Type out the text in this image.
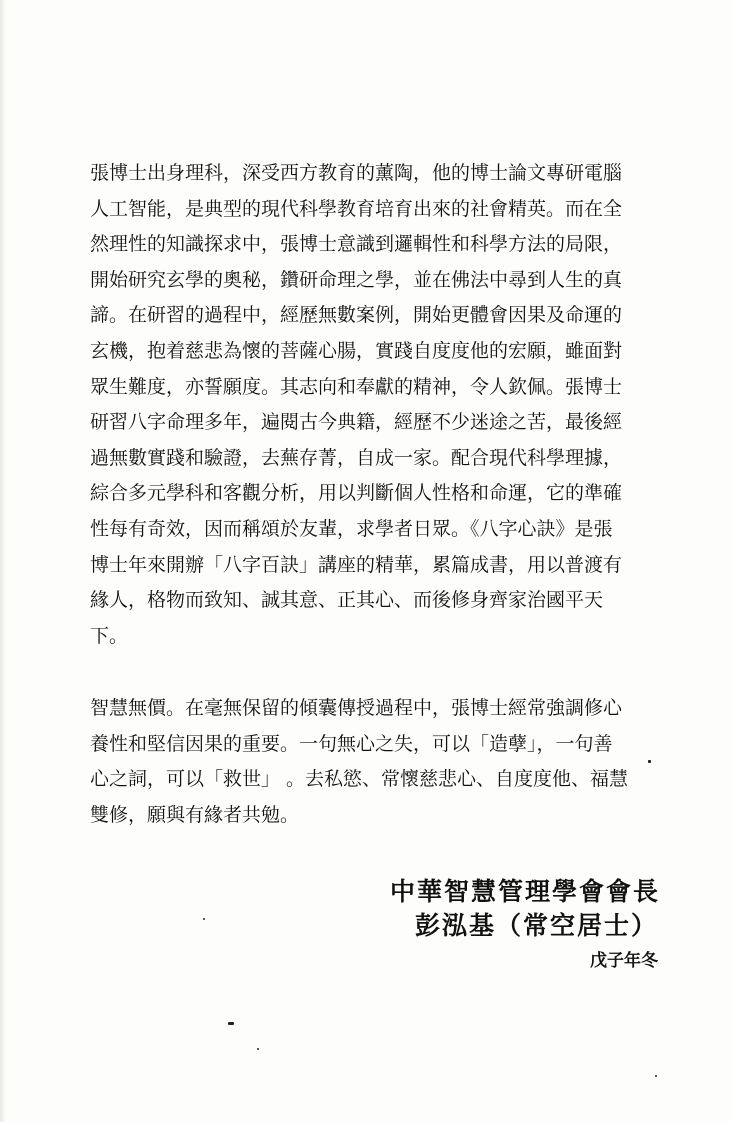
張博士出身理科，深受西方教育的薰陶，他的博士論文專研電腦
人工智能，是典型的現代科學教育培育出來的社會精英。而在全
然理性的知識探求中，張博士意識到邏輯性和科學方法的局限，
開始研究玄學的奧秘，鑽研命理之學，並在佛法中尋到人生的真
諦。在研習的過程中，經歷無數案例，開始更體會因果及命運的
玄機，抱着慈悲為懷的菩薩心腸，實踐自度度他的宏願，雖面對
眾生難度，亦誓願度。其志向和奉獻的精神，令人欽佩。張博士
研習八字命理多年，遍閱古今典籍，經歷不少迷途之苦，最後經
過無數實踐和驗證，去蕪存菁，自成一家。配合現代科學理據，
綜合多元學科和客觀分析，用以判斷個人性格和命運，它的準確
性每有奇效，因而稱頌於友輩，求學者日眾。《八字心訣》是張
博士年來開辦「八字百訣」講座的精華，累篇成書，用以普渡有
緣人，格物而致知、誠其意、正其心、而後修身齊家治國平天
下。

智慧無價。在毫無保留的傾囊傳授過程中，張博士經常強調修心
養性和堅信因果的重要。一句無心之失，可以「造孽」，一句善
心之詞，可以「救世」 。去私慾、常懷慈悲心、自度度他、福慧
雙修，願與有緣者共勉。

中華智慧管理學會會長
彭泓基（常空居士）
戊子年冬
